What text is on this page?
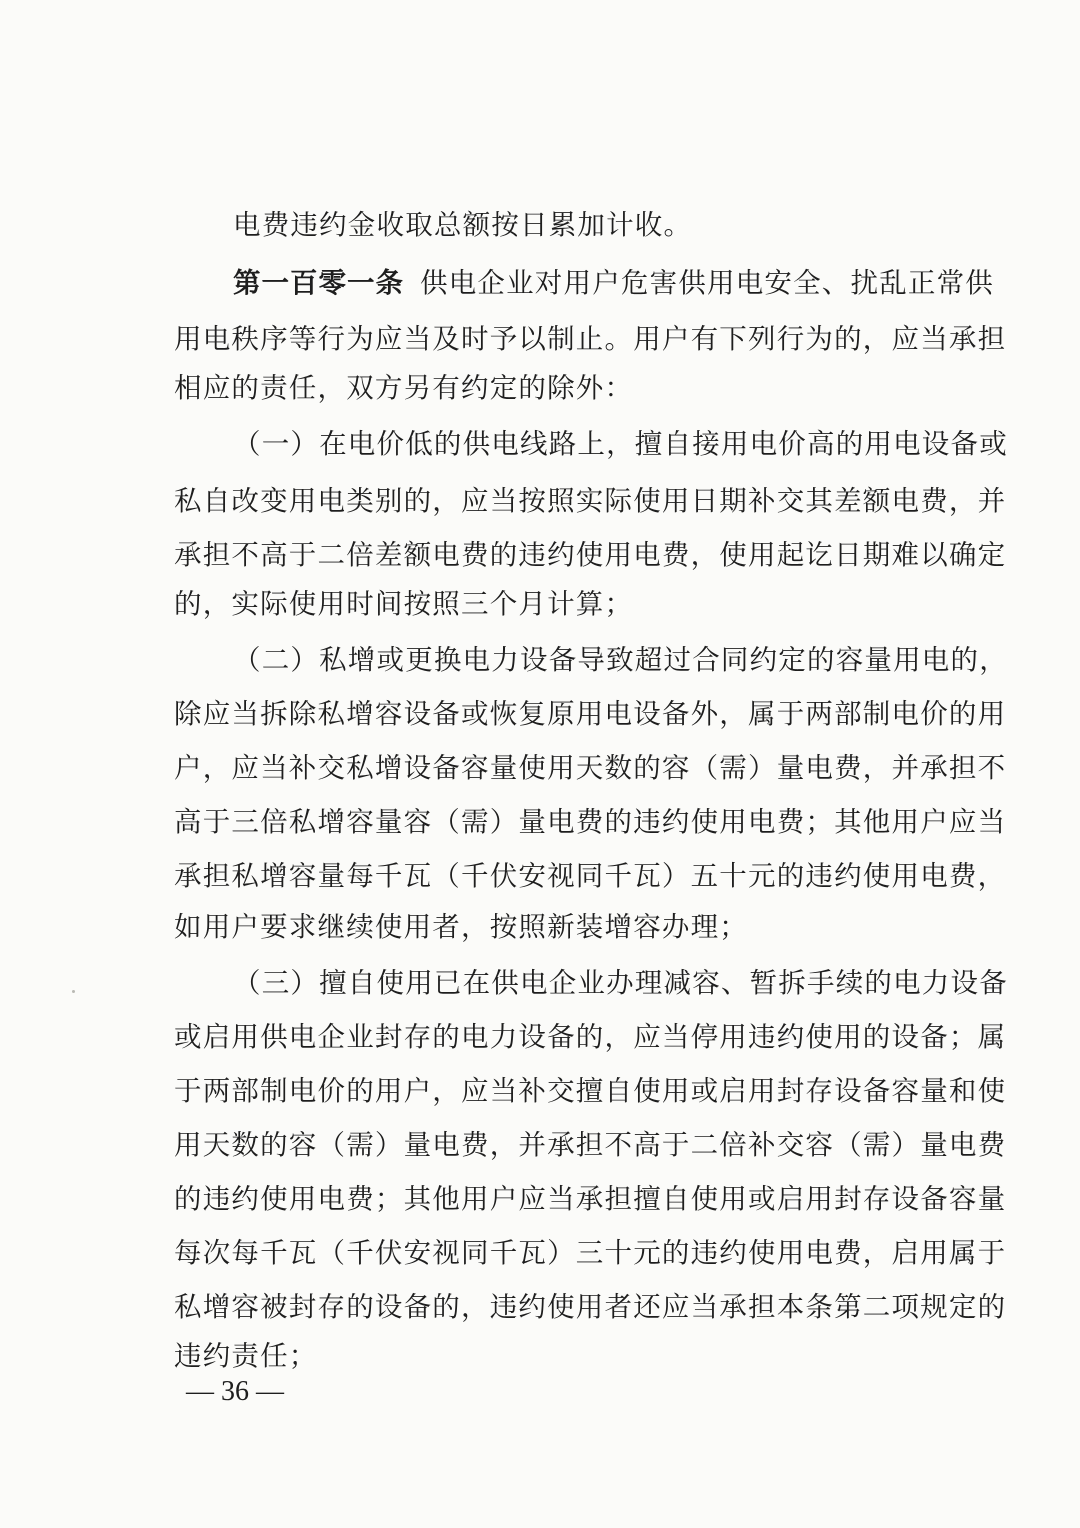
电费违约金收取总额按日累加计收。
第一百零一条 供电企业对用户危害供用电安全、扰乱正常供
用电秩序等行为应当及时予以制止。用户有下列行为的，应当承担
相应的责任，双方另有约定的除外：
（一）在电价低的供电线路上，擅自接用电价高的用电设备或
私自改变用电类别的，应当按照实际使用日期补交其差额电费，并
承担不高于二倍差额电费的违约使用电费，使用起讫日期难以确定
的，实际使用时间按照三个月计算；
（二）私增或更换电力设备导致超过合同约定的容量用电的，
除应当拆除私增容设备或恢复原用电设备外，属于两部制电价的用
户，应当补交私增设备容量使用天数的容（需）量电费，并承担不
高于三倍私增容量容（需）量电费的违约使用电费；其他用户应当
承担私增容量每千瓦（千伏安视同千瓦）五十元的违约使用电费，
如用户要求继续使用者，按照新装增容办理；
（三）擅自使用已在供电企业办理减容、暂拆手续的电力设备
或启用供电企业封存的电力设备的，应当停用违约使用的设备；属
于两部制电价的用户，应当补交擅自使用或启用封存设备容量和使
用天数的容（需）量电费，并承担不高于二倍补交容（需）量电费
的违约使用电费；其他用户应当承担擅自使用或启用封存设备容量
每次每千瓦（千伏安视同千瓦）三十元的违约使用电费，启用属于
私增容被封存的设备的，违约使用者还应当承担本条第二项规定的
违约责任；
— 36 —
